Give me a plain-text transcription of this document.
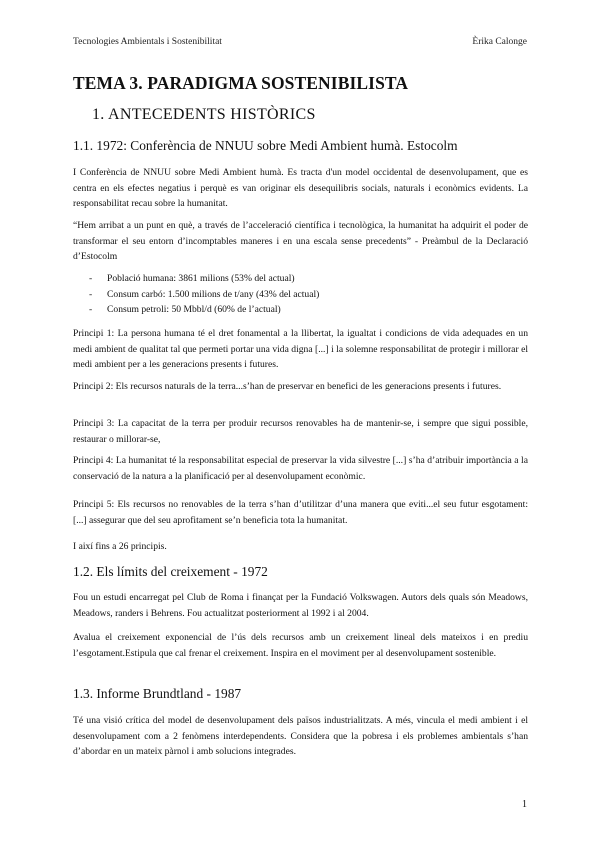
Tecnologies Ambientals i Sostenibilitat	Èrika Calonge
TEMA 3. PARADIGMA SOSTENIBILISTA
1. ANTECEDENTS HISTÒRICS
1.1. 1972: Conferència de NNUU sobre Medi Ambient humà. Estocolm

I Conferència de NNUU sobre Medi Ambient humà. Es tracta d'un model occidental de desenvolupament, que es centra en els efectes negatius i perquè es van originar els desequilibris socials, naturals i econòmics evidents. La responsabilitat recau sobre la humanitat.

“Hem arribat a un punt en què, a través de l’acceleració científica i tecnològica, la humanitat ha adquirit el poder de transformar el seu entorn d’incomptables maneres i en una escala sense precedents” - Preàmbul de la Declaració d’Estocolm

- Població humana: 3861 milions (53% del actual)
- Consum carbó: 1.500 milions de t/any (43% del actual)
- Consum petroli: 50 Mbbl/d (60% de l’actual)

Principi 1: La persona humana té el dret fonamental a la llibertat, la igualtat i condicions de vida adequades en un medi ambient de qualitat tal que permeti portar una vida digna [...] i la solemne responsabilitat de protegir i millorar el medi ambient per a les generacions presents i futures.

Principi 2: Els recursos naturals de la terra...s’han de preservar en benefici de les generacions presents i futures.

Principi 3: La capacitat de la terra per produir recursos renovables ha de mantenir-se, i sempre que sigui possible, restaurar o millorar-se,

Principi 4: La humanitat té la responsabilitat especial de preservar la vida silvestre [...] s’ha d’atribuir importància a la conservació de la natura a la planificació per al desenvolupament econòmic.

Principi 5: Els recursos no renovables de la terra s’han d’utilitzar d’una manera que eviti...el seu futur esgotament: [...] assegurar que del seu aprofitament se’n beneficia tota la humanitat.

I així fins a 26 principis.

1.2. Els límits del creixement - 1972

Fou un estudi encarregat pel Club de Roma i finançat per la Fundació Volkswagen. Autors dels quals són Meadows, Meadows, randers i Behrens. Fou actualitzat posteriorment al 1992 i al 2004.

Avalua el creixement exponencial de l’ús dels recursos amb un creixement lineal dels mateixos i en prediu l’esgotament.Estipula que cal frenar el creixement. Inspira en el moviment per al desenvolupament sostenible.

1.3. Informe Brundtland - 1987

Té una visió crítica del model de desenvolupament dels països industrialitzats. A més, vincula el medi ambient i el desenvolupament com a 2 fenòmens interdependents. Considera que la pobresa i els problemes ambientals s’han d’abordar en un mateix pàrnol i amb solucions integrades.

1
